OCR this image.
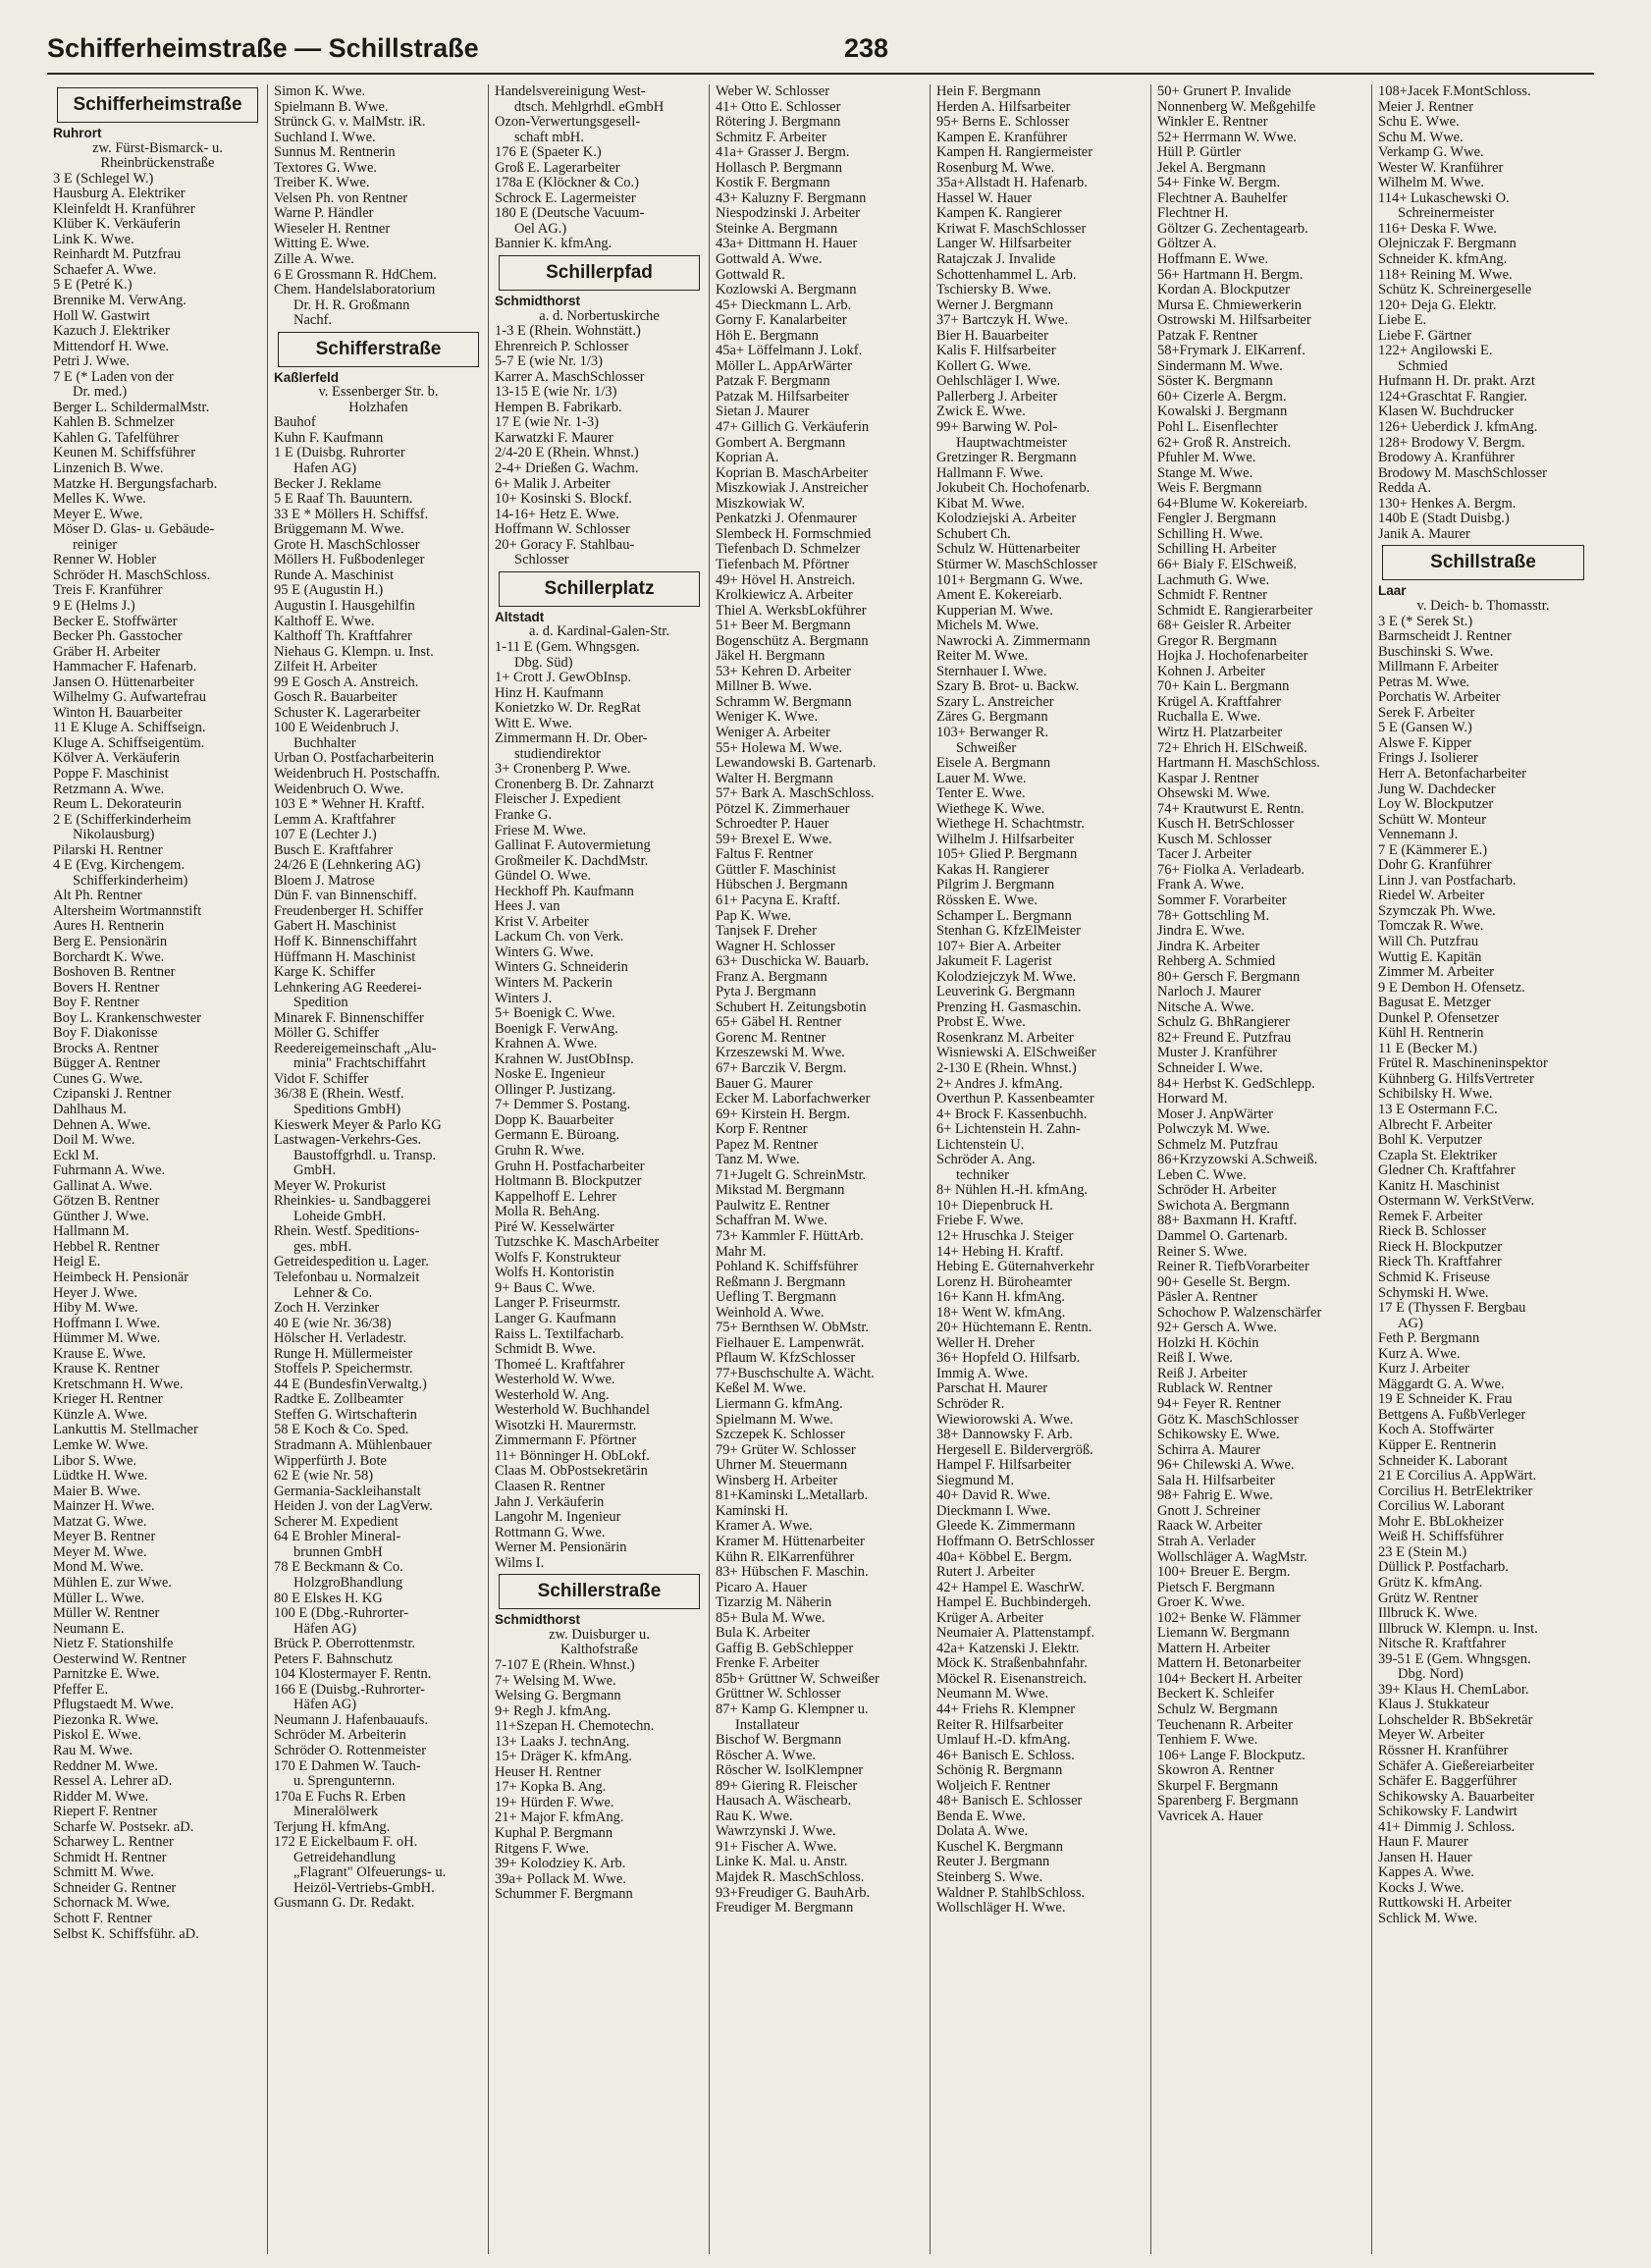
Schifferheimstraße — Schillstraße	238
Schifferheimstraße
Ruhrort
zw. Fürst-Bismarck- u.
Rheinbrückenstraße
3 E (Schlegel W.)
Hausburg A. Elektriker
Kleinfeldt H. Kranführer
Klüber K. Verkäuferin
Link K. Wwe.
Reinhardt M. Putzfrau
Schaefer A. Wwe.
5 E (Petré K.)
Brennike M. VerwAng.
Holl W. Gastwirt
Kazuch J. Elektriker
Mittendorf H. Wwe.
Petri J. Wwe.
7 E (* Laden von der
Dr. med.)
Berger L. SchildermalMstr.
Kahlen B. Schmelzer
Kahlen G. Tafelführer
Keunen M. Schiffsführer
Linzenich B. Wwe.
Matzke H. Bergungsfacharb.
Melles K. Wwe.
Meyer E. Wwe.
Möser D. Glas- u. Gebäude-
reiniger
Renner W. Hobler
Schröder H. MaschSchloss.
Treis F. Kranführer
9 E (Helms J.)
Becker E. Stoffwärter
Becker Ph. Gasstocher
Gräber H. Arbeiter
Hammacher F. Hafenarb.
Jansen O. Hüttenarbeiter
Wilhelmy G. Aufwartefrau
Winton H. Bauarbeiter
11 E Kluge A. Schiffseign.
Kluge A. Schiffseigentüm.
Kölver A. Verkäuferin
Poppe F. Maschinist
Retzmann A. Wwe.
Reum L. Dekorateurin
2 E (Schifferkinderheim
Nikolausburg)
Pilarski H. Rentner
4 E (Evg. Kirchengem.
Schifferkinderheim)
Alt Ph. Rentner
Altersheim Wortmannstift
Aures H. Rentnerin
Berg E. Pensionärin
Borchardt K. Wwe.
Boshoven B. Rentner
Bovers H. Rentner
Boy F. Rentner
Boy L. Krankenschwester
Boy F. Diakonisse
Brocks A. Rentner
Bügger A. Rentner
Cunes G. Wwe.
Czipanski J. Rentner
Dahlhaus M.
Dehnen A. Wwe.
Doil M. Wwe.
Eckl M.
Fuhrmann A. Wwe.
Gallinat A. Wwe.
Götzen B. Rentner
Günther J. Wwe.
Hallmann M.
Hebbel R. Rentner
Heigl E.
Heimbeck H. Pensionär
Heyer J. Wwe.
Hiby M. Wwe.
Hoffmann I. Wwe.
Hümmer M. Wwe.
Krause E. Wwe.
Krause K. Rentner
Kretschmann H. Wwe.
Krieger H. Rentner
Künzle A. Wwe.
Lankuttis M. Stellmacher
Lemke W. Wwe.
Libor S. Wwe.
Lüdtke H. Wwe.
Maier B. Wwe.
Mainzer H. Wwe.
Matzat G. Wwe.
Meyer B. Rentner
Meyer M. Wwe.
Mond M. Wwe.
Mühlen E. zur Wwe.
Müller L. Wwe.
Müller W. Rentner
Neumann E.
Nietz F. Stationshilfe
Oesterwind W. Rentner
Parnitzke E. Wwe.
Pfeffer E.
Pflugstaedt M. Wwe.
Piezonka R. Wwe.
Piskol E. Wwe.
Rau M. Wwe.
Reddner M. Wwe.
Ressel A. Lehrer aD.
Ridder M. Wwe.
Riepert F. Rentner
Scharfe W. Postsekr. aD.
Scharwey L. Rentner
Schmidt H. Rentner
Schmitt M. Wwe.
Schneider G. Rentner
Schornack M. Wwe.
Schott F. Rentner
Selbst K. Schiffsführ. aD.
Simon K. Wwe.
Spielmann B. Wwe.
Strünck G. v. MalMstr. iR.
Suchland I. Wwe.
Sunnus M. Rentnerin
Textores G. Wwe.
Treiber K. Wwe.
Velsen Ph. von Rentner
Warne P. Händler
Wieseler H. Rentner
Witting E. Wwe.
Zille A. Wwe.
6 E Grossmann R. HdChem.
Chem. Handelslaboratorium
Dr. H. R. Großmann
Nachf.
Schifferstraße
Kaßlerfeld
v. Essenberger Str. b.
Holzhafen
Bauhof
Kuhn F. Kaufmann
1 E (Duisbg. Ruhrorter
Hafen AG)
Becker J. Reklame
5 E Raaf Th. Bauuntern.
33 E * Möllers H. Schiffsf.
Brüggemann M. Wwe.
Grote H. MaschSchlosser
Möllers H. Fußbodenleger
Runde A. Maschinist
95 E (Augustin H.)
Augustin I. Hausgehilfin
Kalthoff E. Wwe.
Kalthoff Th. Kraftfahrer
Niehaus G. Klempn. u. Inst.
Zilfeit H. Arbeiter
99 E Gosch A. Anstreich.
Gosch R. Bauarbeiter
Schuster K. Lagerarbeiter
100 E Weidenbruch J.
Buchhalter
Urban O. Postfacharbeiterin
Weidenbruch H. Postschaffn.
Weidenbruch O. Wwe.
103 E * Wehner H. Kraftf.
Lemm A. Kraftfahrer
107 E (Lechter J.)
Busch E. Kraftfahrer
24/26 E (Lehnkering AG)
Bloem J. Matrose
Dün F. van Binnenschiff.
Freudenberger H. Schiffer
Gabert H. Maschinist
Hoff K. Binnenschiffahrt
Hüffmann H. Maschinist
Karge K. Schiffer
Lehnkering AG Reederei-
Spedition
Minarek F. Binnenschiffer
Möller G. Schiffer
Reedereigemeinschaft „Alu-
minia" Frachtschiffahrt
Vidot F. Schiffer
36/38 E (Rhein. Westf.
Speditions GmbH)
Kieswerk Meyer & Parlo KG
Lastwagen-Verkehrs-Ges.
Baustoffgrhdl. u. Transp.
GmbH.
Meyer W. Prokurist
Rheinkies- u. Sandbaggerei
Loheide GmbH.
Rhein. Westf. Speditions-
ges. mbH.
Getreidespedition u. Lager.
Telefonbau u. Normalzeit
Lehner & Co.
Zoch H. Verzinker
40 E (wie Nr. 36/38)
Hölscher H. Verladestr.
Runge H. Müllermeister
Stoffels P. Speichermstr.
44 E (BundesfinVerwaltg.)
Radtke E. Zollbeamter
Steffen G. Wirtschafterin
58 E Koch & Co. Sped.
Stradmann A. Mühlenbauer
Wipperfürth J. Bote
62 E (wie Nr. 58)
Germania-Sackleihanstalt
Heiden J. von der LagVerw.
Scherer M. Expedient
64 E Brohler Mineral-
brunnen GmbH
78 E Beckmann & Co.
HolzgroBhandlung
80 E Elskes H. KG
100 E (Dbg.-Ruhrorter-
Häfen AG)
Brück P. Oberrottenmstr.
Peters F. Bahnschutz
104 Klostermayer F. Rentn.
166 E (Duisbg.-Ruhrorter-
Häfen AG)
Neumann J. Hafenbauaufs.
Schröder M. Arbeiterin
Schröder O. Rottenmeister
170 E Dahmen W. Tauch-
u. Sprengunternn.
170a E Fuchs R. Erben
Mineralölwerk
Terjung H. kfmAng.
172 E Eickelbaum F. oH.
Getreidehandlung
„Flagrant" Olfeuerungs- u.
Heizöl-Vertriebs-GmbH.
Gusmann G. Dr. Redakt.
Handelsvereinigung West-
dtsch. Mehlgrhdl. eGmbH
Ozon-Verwertungsgesell-
schaft mbH.
176 E (Spaeter K.)
Groß E. Lagerarbeiter
178a E (Klöckner & Co.)
Schrock E. Lagermeister
180 E (Deutsche Vacuum-
Oel AG.)
Bannier K. kfmAng.
Schillerpfad
Schmidthorst
a. d. Norbertuskirche
1-3 E (Rhein. Wohnstätt.)
Ehrenreich P. Schlosser
5-7 E (wie Nr. 1/3)
Karrer A. MaschSchlosser
13-15 E (wie Nr. 1/3)
Hempen B. Fabrikarb.
17 E (wie Nr. 1-3)
Karwatzki F. Maurer
2/4-20 E (Rhein. Whnst.)
2-4+ Drießen G. Wachm.
6+ Malik J. Arbeiter
10+ Kosinski S. Blockf.
14-16+ Hetz E. Wwe.
Hoffmann W. Schlosser
20+ Goracy F. Stahlbau-
Schlosser
Schillerplatz
Altstadt
a. d. Kardinal-Galen-Str.
1-11 E (Gem. Whngsgen.
Dbg. Süd)
1+ Crott J. GewObInsp.
Hinz H. Kaufmann
Konietzko W. Dr. RegRat
Witt E. Wwe.
Zimmermann H. Dr. Ober-
studiendirektor
3+ Cronenberg P. Wwe.
Cronenberg B. Dr. Zahnarzt
Fleischer J. Expedient
Franke G.
Friese M. Wwe.
Gallinat F. Autovermietung
Großmeiler K. DachdMstr.
Gündel O. Wwe.
Heckhoff Ph. Kaufmann
Hees J. van
Krist V. Arbeiter
Lackum Ch. von Verk.
Winters G. Wwe.
Winters G. Schneiderin
Winters M. Packerin
Winters J.
5+ Boenigk C. Wwe.
Boenigk F. VerwAng.
Krahnen A. Wwe.
Krahnen W. JustObInsp.
Noske E. Ingenieur
Ollinger P. Justizang.
7+ Demmer S. Postang.
Dopp K. Bauarbeiter
Germann E. Büroang.
Gruhn R. Wwe.
Gruhn H. Postfacharbeiter
Holtmann B. Blockputzer
Kappelhoff E. Lehrer
Molla R. BehAng.
Piré W. Kesselwärter
Tutzschke K. MaschArbeiter
Wolfs F. Konstrukteur
Wolfs H. Kontoristin
9+ Baus C. Wwe.
Langer P. Friseurmstr.
Langer G. Kaufmann
Raiss L. Textilfacharb.
Schmidt B. Wwe.
Thomeé L. Kraftfahrer
Westerhold W. Wwe.
Westerhold W. Ang.
Westerhold W. Buchhandel
Wisotzki H. Maurermstr.
Zimmermann F. Pförtner
11+ Bönninger H. ObLokf.
Claas M. ObPostsekretärin
Claasen R. Rentner
Jahn J. Verkäuferin
Langohr M. Ingenieur
Rottmann G. Wwe.
Werner M. Pensionärin
Wilms I.
Schillerstraße
Schmidthorst
zw. Duisburger u.
Kalthofstraße
7-107 E (Rhein. Whnst.)
7+ Welsing M. Wwe.
Welsing G. Bergmann
9+ Regh J. kfmAng.
11+Szepan H. Chemotechn.
13+ Laaks J. technAng.
15+ Dräger K. kfmAng.
Heuser H. Rentner
17+ Kopka B. Ang.
19+ Hürden F. Wwe.
21+ Major F. kfmAng.
Kuphal P. Bergmann
Ritgens F. Wwe.
39+ Kolodziey K. Arb.
39a+ Pollack M. Wwe.
Schummer F. Bergmann
Weber W. Schlosser
41+ Otto E. Schlosser
Rötering J. Bergmann
Schmitz F. Arbeiter
41a+ Grasser J. Bergm.
Hollasch P. Bergmann
Kostik F. Bergmann
43+ Kaluzny F. Bergmann
Niespodzinski J. Arbeiter
Steinke A. Bergmann
43a+ Dittmann H. Hauer
Gottwald A. Wwe.
Gottwald R.
Kozlowski A. Bergmann
45+ Dieckmann L. Arb.
Gorny F. Kanalarbeiter
Höh E. Bergmann
45a+ Löffelmann J. Lokf.
Möller L. AppArWärter
Patzak F. Bergmann
Patzak M. Hilfsarbeiter
Sietan J. Maurer
47+ Gillich G. Verkäuferin
Gombert A. Bergmann
Koprian A.
Koprian B. MaschArbeiter
Miszkowiak J. Anstreicher
Miszkowiak W.
Penkatzki J. Ofenmaurer
Slembeck H. Formschmied
Tiefenbach D. Schmelzer
Tiefenbach M. Pförtner
49+ Hövel H. Anstreich.
Krolkiewicz A. Arbeiter
Thiel A. WerksbLokführer
51+ Beer M. Bergmann
Bogenschütz A. Bergmann
Jäkel H. Bergmann
53+ Kehren D. Arbeiter
Millner B. Wwe.
Schramm W. Bergmann
Weniger K. Wwe.
Weniger A. Arbeiter
55+ Holewa M. Wwe.
Lewandowski B. Gartenarb.
Walter H. Bergmann
57+ Bark A. MaschSchloss.
Pötzel K. Zimmerhauer
Schroedter P. Hauer
59+ Brexel E. Wwe.
Faltus F. Rentner
Güttler F. Maschinist
Hübschen J. Bergmann
61+ Pacyna E. Kraftf.
Pap K. Wwe.
Tanjsek F. Dreher
Wagner H. Schlosser
63+ Duschicka W. Bauarb.
Franz A. Bergmann
Pyta J. Bergmann
Schubert H. Zeitungsbotin
65+ Gäbel H. Rentner
Gorenc M. Rentner
Krzeszewski M. Wwe.
67+ Barczik V. Bergm.
Bauer G. Maurer
Ecker M. Laborfachwerker
69+ Kirstein H. Bergm.
Korp F. Rentner
Papez M. Rentner
Tanz M. Wwe.
71+Jugelt G. SchreinMstr.
Mikstad M. Bergmann
Paulwitz E. Rentner
Schaffran M. Wwe.
73+ Kammler F. HüttArb.
Mahr M.
Pohland K. Schiffsführer
Reßmann J. Bergmann
Uefling T. Bergmann
Weinhold A. Wwe.
75+ Bernthsen W. ObMstr.
Fielhauer E. Lampenwrät.
Pflaum W. KfzSchlosser
77+Buschschulte A. Wächt.
Keßel M. Wwe.
Liermann G. kfmAng.
Spielmann M. Wwe.
Szczepek K. Schlosser
79+ Grüter W. Schlosser
Uhrner M. Steuermann
Winsberg H. Arbeiter
81+Kaminski L.Metallarb.
Kaminski H.
Kramer A. Wwe.
Kramer M. Hüttenarbeiter
Kühn R. ElKarrenführer
83+ Hübschen F. Maschin.
Picaro A. Hauer
Tizarzig M. Näherin
85+ Bula M. Wwe.
Bula K. Arbeiter
Gaffig B. GebSchlepper
Frenke F. Arbeiter
85b+ Grüttner W. Schweißer
Grüttner W. Schlosser
87+ Kamp G. Klempner u.
Installateur
Bischof W. Bergmann
Röscher A. Wwe.
Röscher W. IsolKlempner
89+ Giering R. Fleischer
Hausach A. Wäschearb.
Rau K. Wwe.
Wawrzynski J. Wwe.
91+ Fischer A. Wwe.
Linke K. Mal. u. Anstr.
Majdek R. MaschSchloss.
93+Freudiger G. BauhArb.
Freudiger M. Bergmann
Hein F. Bergmann
Herden A. Hilfsarbeiter
95+ Berns E. Schlosser
Kampen E. Kranführer
Kampen H. Rangiermeister
Rosenburg M. Wwe.
35a+Allstadt H. Hafenarb.
Hassel W. Hauer
Kampen K. Rangierer
Kriwat F. MaschSchlosser
Langer W. Hilfsarbeiter
Ratajczak J. Invalide
Schottenhammel L. Arb.
Tschiersky B. Wwe.
Werner J. Bergmann
37+ Bartczyk H. Wwe.
Bier H. Bauarbeiter
Kalis F. Hilfsarbeiter
Kollert G. Wwe.
Oehlschläger I. Wwe.
Pallerberg J. Arbeiter
Zwick E. Wwe.
99+ Barwing W. Pol-
Hauptwachtmeister
Gretzinger R. Bergmann
Hallmann F. Wwe.
Jokubeit Ch. Hochofenarb.
Kibat M. Wwe.
Kolodziejski A. Arbeiter
Schubert Ch.
Schulz W. Hüttenarbeiter
Stürmer W. MaschSchlosser
101+ Bergmann G. Wwe.
Ament E. Kokereiarb.
Kupperian M. Wwe.
Michels M. Wwe.
Nawrocki A. Zimmermann
Reiter M. Wwe.
Sternhauer I. Wwe.
Szary B. Brot- u. Backw.
Szary L. Anstreicher
Zäres G. Bergmann
103+ Berwanger R.
Schweißer
Eisele A. Bergmann
Lauer M. Wwe.
Tenter E. Wwe.
Wiethege K. Wwe.
Wiethege H. Schachtmstr.
Wilhelm J. Hilfsarbeiter
105+ Glied P. Bergmann
Kakas H. Rangierer
Pilgrim J. Bergmann
Rössken E. Wwe.
Schamper L. Bergmann
Stenhan G. KfzElMeister
107+ Bier A. Arbeiter
Jakumeit F. Lagerist
Kolodziejczyk M. Wwe.
Leuverink G. Bergmann
Prenzing H. Gasmaschin.
Probst E. Wwe.
Rosenkranz M. Arbeiter
Wisniewski A. ElSchweißer
2-130 E (Rhein. Whnst.)
2+ Andres J. kfmAng.
Overthun P. Kassenbeamter
4+ Brock F. Kassenbuchh.
6+ Lichtenstein H. Zahn-
Lichtenstein U.
Schröder A. Ang.
techniker
8+ Nühlen H.-H. kfmAng.
10+ Diepenbruck H.
Friebe F. Wwe.
12+ Hruschka J. Steiger
14+ Hebing H. Kraftf.
Hebing E. Güternahverkehr
Lorenz H. Büroheamter
16+ Kann H. kfmAng.
18+ Went W. kfmAng.
20+ Hüchtemann E. Rentn.
Weller H. Dreher
36+ Hopfeld O. Hilfsarb.
Immig A. Wwe.
Parschat H. Maurer
Schröder R.
Wiewiorowski A. Wwe.
38+ Dannowsky F. Arb.
Hergesell E. Bildervergröß.
Hampel F. Hilfsarbeiter
Siegmund M.
40+ David R. Wwe.
Dieckmann I. Wwe.
Gleede K. Zimmermann
Hoffmann O. BetrSchlosser
40a+ Köbbel E. Bergm.
Rutert J. Arbeiter
42+ Hampel E. WaschrW.
Hampel E. Buchbindergeh.
Krüger A. Arbeiter
Neumaier A. Plattenstampf.
42a+ Katzenski J. Elektr.
Möck K. Straßenbahnfahr.
Möckel R. Eisenanstreich.
Neumann M. Wwe.
44+ Friehs R. Klempner
Reiter R. Hilfsarbeiter
Umlauf H.-D. kfmAng.
46+ Banisch E. Schloss.
Schönig R. Bergmann
Woljeich F. Rentner
48+ Banisch E. Schlosser
Benda E. Wwe.
Dolata A. Wwe.
Kuschel K. Bergmann
Reuter J. Bergmann
Steinberg S. Wwe.
Waldner P. StahlbSchloss.
Wollschläger H. Wwe.
50+ Grunert P. Invalide
Nonnenberg W. Meßgehilfe
Winkler E. Rentner
52+ Herrmann W. Wwe.
Hüll P. Gürtler
Jekel A. Bergmann
54+ Finke W. Bergm.
Flechtner A. Bauhelfer
Flechtner H.
Göltzer G. Zechentagearb.
Göltzer A.
Hoffmann E. Wwe.
56+ Hartmann H. Bergm.
Kordan A. Blockputzer
Mursa E. Chmiewerkerin
Ostrowski M. Hilfsarbeiter
Patzak F. Rentner
58+Frymark J. ElKarrenf.
Sindermann M. Wwe.
Söster K. Bergmann
60+ Cizerle A. Bergm.
Kowalski J. Bergmann
Pohl L. Eisenflechter
62+ Groß R. Anstreich.
Pfuhler M. Wwe.
Stange M. Wwe.
Weis F. Bergmann
64+Blume W. Kokereiarb.
Fengler J. Bergmann
Schilling H. Wwe.
Schilling H. Arbeiter
66+ Bialy F. ElSchweiß.
Lachmuth G. Wwe.
Schmidt F. Rentner
Schmidt E. Rangierarbeiter
68+ Geisler R. Arbeiter
Gregor R. Bergmann
Hojka J. Hochofenarbeiter
Kohnen J. Arbeiter
70+ Kain L. Bergmann
Krügel A. Kraftfahrer
Ruchalla E. Wwe.
Wirtz H. Platzarbeiter
72+ Ehrich H. ElSchweiß.
Hartmann H. MaschSchloss.
Kaspar J. Rentner
Ohsewski M. Wwe.
74+ Krautwurst E. Rentn.
Kusch H. BetrSchlosser
Kusch M. Schlosser
Tacer J. Arbeiter
76+ Fiolka A. Verladearb.
Frank A. Wwe.
Sommer F. Vorarbeiter
78+ Gottschling M.
Jindra E. Wwe.
Jindra K. Arbeiter
Rehberg A. Schmied
80+ Gersch F. Bergmann
Narloch J. Maurer
Nitsche A. Wwe.
Schulz G. BhRangierer
82+ Freund E. Putzfrau
Muster J. Kranführer
Schneider I. Wwe.
84+ Herbst K. GedSchlepp.
Horward M.
Moser J. AnpWärter
Polwczyk M. Wwe.
Schmelz M. Putzfrau
86+Krzyzowski A.Schweiß.
Leben C. Wwe.
Schröder H. Arbeiter
Swichota A. Bergmann
88+ Baxmann H. Kraftf.
Dammel O. Gartenarb.
Reiner S. Wwe.
Reiner R. TiefbVorarbeiter
90+ Geselle St. Bergm.
Päsler A. Rentner
Schochow P. Walzenschärfer
92+ Gersch A. Wwe.
Holzki H. Köchin
Reiß I. Wwe.
Reiß J. Arbeiter
Rublack W. Rentner
94+ Feyer R. Rentner
Götz K. MaschSchlosser
Schikowsky E. Wwe.
Schirra A. Maurer
96+ Chilewski A. Wwe.
Sala H. Hilfsarbeiter
98+ Fahrig E. Wwe.
Gnott J. Schreiner
Raack W. Arbeiter
Strah A. Verlader
Wollschläger A. WagMstr.
100+ Breuer E. Bergm.
Pietsch F. Bergmann
Groer K. Wwe.
102+ Benke W. Flämmer
Liemann W. Bergmann
Mattern H. Arbeiter
Mattern H. Betonarbeiter
104+ Beckert H. Arbeiter
Beckert K. Schleifer
Schulz W. Bergmann
Teuchenann R. Arbeiter
Tenhiem F. Wwe.
106+ Lange F. Blockputz.
Skowron A. Rentner
Skurpel F. Bergmann
Sparenberg F. Bergmann
Vavricek A. Hauer
108+Jacek F.MontSchloss.
Meier J. Rentner
Schu E. Wwe.
Schu M. Wwe.
Verkamp G. Wwe.
Wester W. Kranführer
Wilhelm M. Wwe.
114+ Lukaschewski O.
Schreinermeister
116+ Deska F. Wwe.
Olejniczak F. Bergmann
Schneider K. kfmAng.
118+ Reining M. Wwe.
Schütz K. Schreinergeselle
120+ Deja G. Elektr.
Liebe E.
Liebe F. Gärtner
122+ Angilowski E.
Schmied
Hufmann H. Dr. prakt. Arzt
124+Graschtat F. Rangier.
Klasen W. Buchdrucker
126+ Ueberdick J. kfmAng.
128+ Brodowy V. Bergm.
Brodowy A. Kranführer
Brodowy M. MaschSchlosser
Redda A.
130+ Henkes A. Bergm.
140b E (Stadt Duisbg.)
Janik A. Maurer
Schillstraße
Laar
v. Deich- b. Thomasstr.
3 E (* Serek St.)
Barmscheidt J. Rentner
Buschinski S. Wwe.
Millmann F. Arbeiter
Petras M. Wwe.
Porchatis W. Arbeiter
Serek F. Arbeiter
5 E (Gansen W.)
Alswe F. Kipper
Frings J. Isolierer
Herr A. Betonfacharbeiter
Jung W. Dachdecker
Loy W. Blockputzer
Schütt W. Monteur
Vennemann J.
7 E (Kämmerer E.)
Dohr G. Kranführer
Linn J. van Postfacharb.
Riedel W. Arbeiter
Szymczak Ph. Wwe.
Tomczak R. Wwe.
Will Ch. Putzfrau
Wuttig E. Kapitän
Zimmer M. Arbeiter
9 E Dembon H. Ofensetz.
Bagusat E. Metzger
Dunkel P. Ofensetzer
Kühl H. Rentnerin
11 E (Becker M.)
Frütel R. Maschineninspektor
Kühnberg G. HilfsVertreter
Schibilsky H. Wwe.
13 E Ostermann F.C.
Albrecht F. Arbeiter
Bohl K. Verputzer
Czapla St. Elektriker
Gledner Ch. Kraftfahrer
Kanitz H. Maschinist
Ostermann W. VerkStVerw.
Remek F. Arbeiter
Rieck B. Schlosser
Rieck H. Blockputzer
Rieck Th. Kraftfahrer
Schmid K. Friseuse
Schymski H. Wwe.
17 E (Thyssen F. Bergbau
AG)
Feth P. Bergmann
Kurz A. Wwe.
Kurz J. Arbeiter
Mäggardt G. A. Wwe.
19 E Schneider K. Frau
Bettgens A. FußbVerleger
Koch A. Stoffwärter
Küpper E. Rentnerin
Schneider K. Laborant
21 E Corcilius A. AppWärt.
Corcilius H. BetrElektriker
Corcilius W. Laborant
Mohr E. BbLokheizer
Weiß H. Schiffsführer
23 E (Stein M.)
Düllick P. Postfacharb.
Grütz K. kfmAng.
Grütz W. Rentner
Illbruck K. Wwe.
Illbruck W. Klempn. u. Inst.
Nitsche R. Kraftfahrer
39-51 E (Gem. Whngsgen.
Dbg. Nord)
39+ Klaus H. ChemLabor.
Klaus J. Stukkateur
Lohschelder R. BbSekretär
Meyer W. Arbeiter
Rössner H. Kranführer
Schäfer A. Gießereiarbeiter
Schäfer E. Baggerführer
Schikowsky A. Bauarbeiter
Schikowsky F. Landwirt
41+ Dimmig J. Schloss.
Haun F. Maurer
Jansen H. Hauer
Kappes A. Wwe.
Kocks J. Wwe.
Ruttkowski H. Arbeiter
Schlick M. Wwe.
